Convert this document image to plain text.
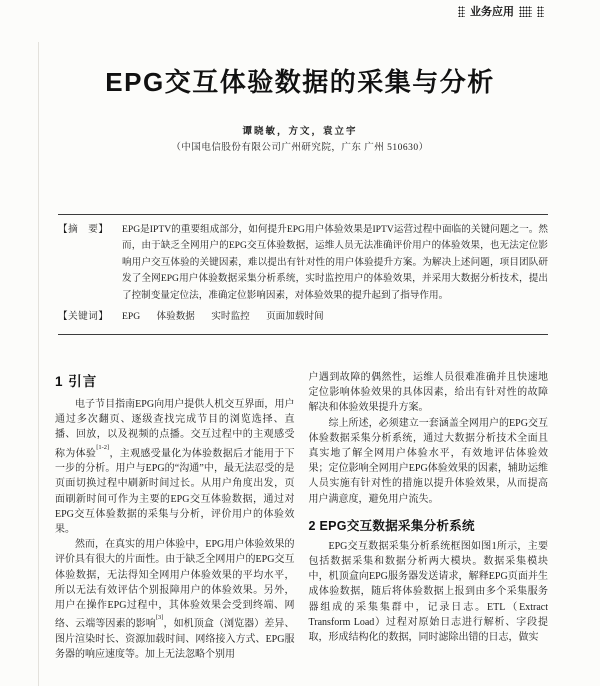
业务应用
EPG交互体验数据的采集与分析
谭晓敏，方文，袁立宇
（中国电信股份有限公司广州研究院，广东 广州 510630）
【摘　要】	EPG是IPTV的重要组成部分，如何提升EPG用户体验效果是IPTV运营过程中面临的关键问题之一。然而，由于缺乏全网用户的EPG交互体验数据，运维人员无法准确评价用户的体验效果，也无法定位影响用户交互体验的关键因素，难以提出有针对性的用户体验提升方案。为解决上述问题，项目团队研发了全网EPG用户体验数据采集分析系统，实时监控用户的体验效果，并采用大数据分析技术，提出了控制变量定位法，准确定位影响因素，对体验效果的提升起到了指导作用。
【关键词】	EPG 体验数据 实时监控 页面加载时间
1 引言

电子节目指南EPG向用户提供人机交互界面，用户通过多次翻页、逐级查找完成节目的浏览选择、直播、回放，以及视频的点播。交互过程中的主观感受称为体验[1-2]，主观感受量化为体验数据后才能用于下一步的分析。用户与EPG的“沟通”中，最无法忍受的是页面切换过程中刷新时间过长。从用户角度出发，页面刷新时间可作为主要的EPG交互体验数据，通过对EPG交互体验数据的采集与分析，评价用户的体验效果。

然而，在真实的用户体验中，EPG用户体验效果的评价具有很大的片面性。由于缺乏全网用户的EPG交互体验数据，无法得知全网用户体验效果的平均水平，所以无法有效评估个别报障用户的体验效果。另外，用户在操作EPG过程中，其体验效果会受到终端、网络、云端等因素的影响[3]，如机顶盒（浏览器）差异、图片渲染时长、资源加载时间、网络接入方式、EPG服务器的响应速度等。加上无法忽略个别用

户遇到故障的偶然性，运维人员很难准确并且快速地定位影响体验效果的具体因素，给出有针对性的故障解决和体验效果提升方案。

综上所述，必须建立一套涵盖全网用户的EPG交互体验数据采集分析系统，通过大数据分析技术全面且真实地了解全网用户体验水平，有效地评估体验效果；定位影响全网用户EPG体验效果的因素，辅助运维人员实施有针对性的措施以提升体验效果，从而提高用户满意度，避免用户流失。

2 EPG交互数据采集分析系统

EPG交互数据采集分析系统框图如图1所示，主要包括数据采集和数据分析两大模块。数据采集模块中，机顶盒向EPG服务器发送请求，解释EPG页面并生成体验数据，随后将体验数据上报到由多个采集服务器组成的采集集群中，记录日志。ETL（Extract Transform Load）过程对原始日志进行解析、字段提取，形成结构化的数据，同时滤除出错的日志，做实
